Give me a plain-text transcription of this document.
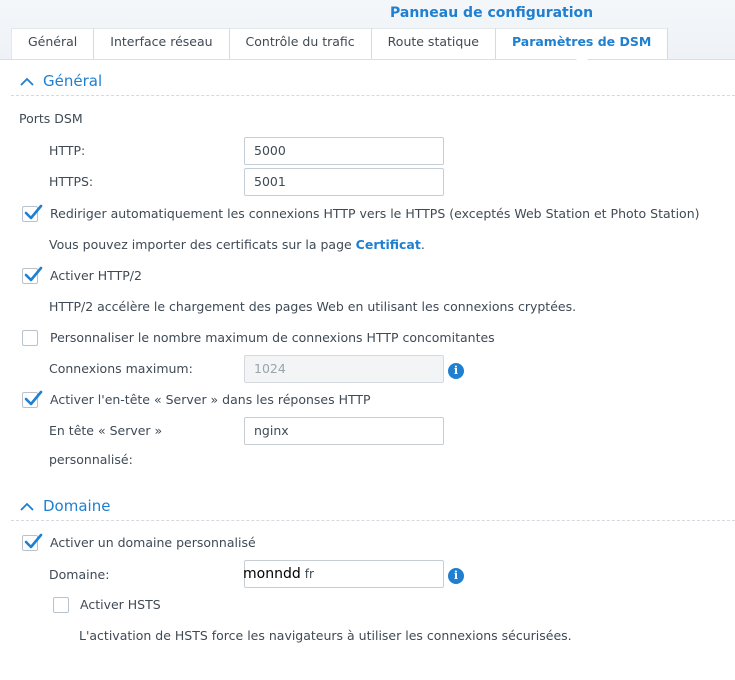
Panneau de configuration
Général	Interface réseau	Contrôle du trafic	Route statique	Paramètres de DSM
Général
Ports DSM
HTTP:	5000
HTTPS:	5001
Rediriger automatiquement les connexions HTTP vers le HTTPS (exceptés Web Station et Photo Station)
Vous pouvez importer des certificats sur la page Certificat.
Activer HTTP/2
HTTP/2 accélère le chargement des pages Web en utilisant les connexions cryptées.
Personnaliser le nombre maximum de connexions HTTP concomitantes
Connexions maximum:	1024	i
Activer l'en-tête « Server » dans les réponses HTTP
En tête « Server »
personnalisé:
nginx
Domaine
Activer un domaine personnalisé
Domaine:	monndd fr	i
Activer HSTS
L'activation de HSTS force les navigateurs à utiliser les connexions sécurisées.
